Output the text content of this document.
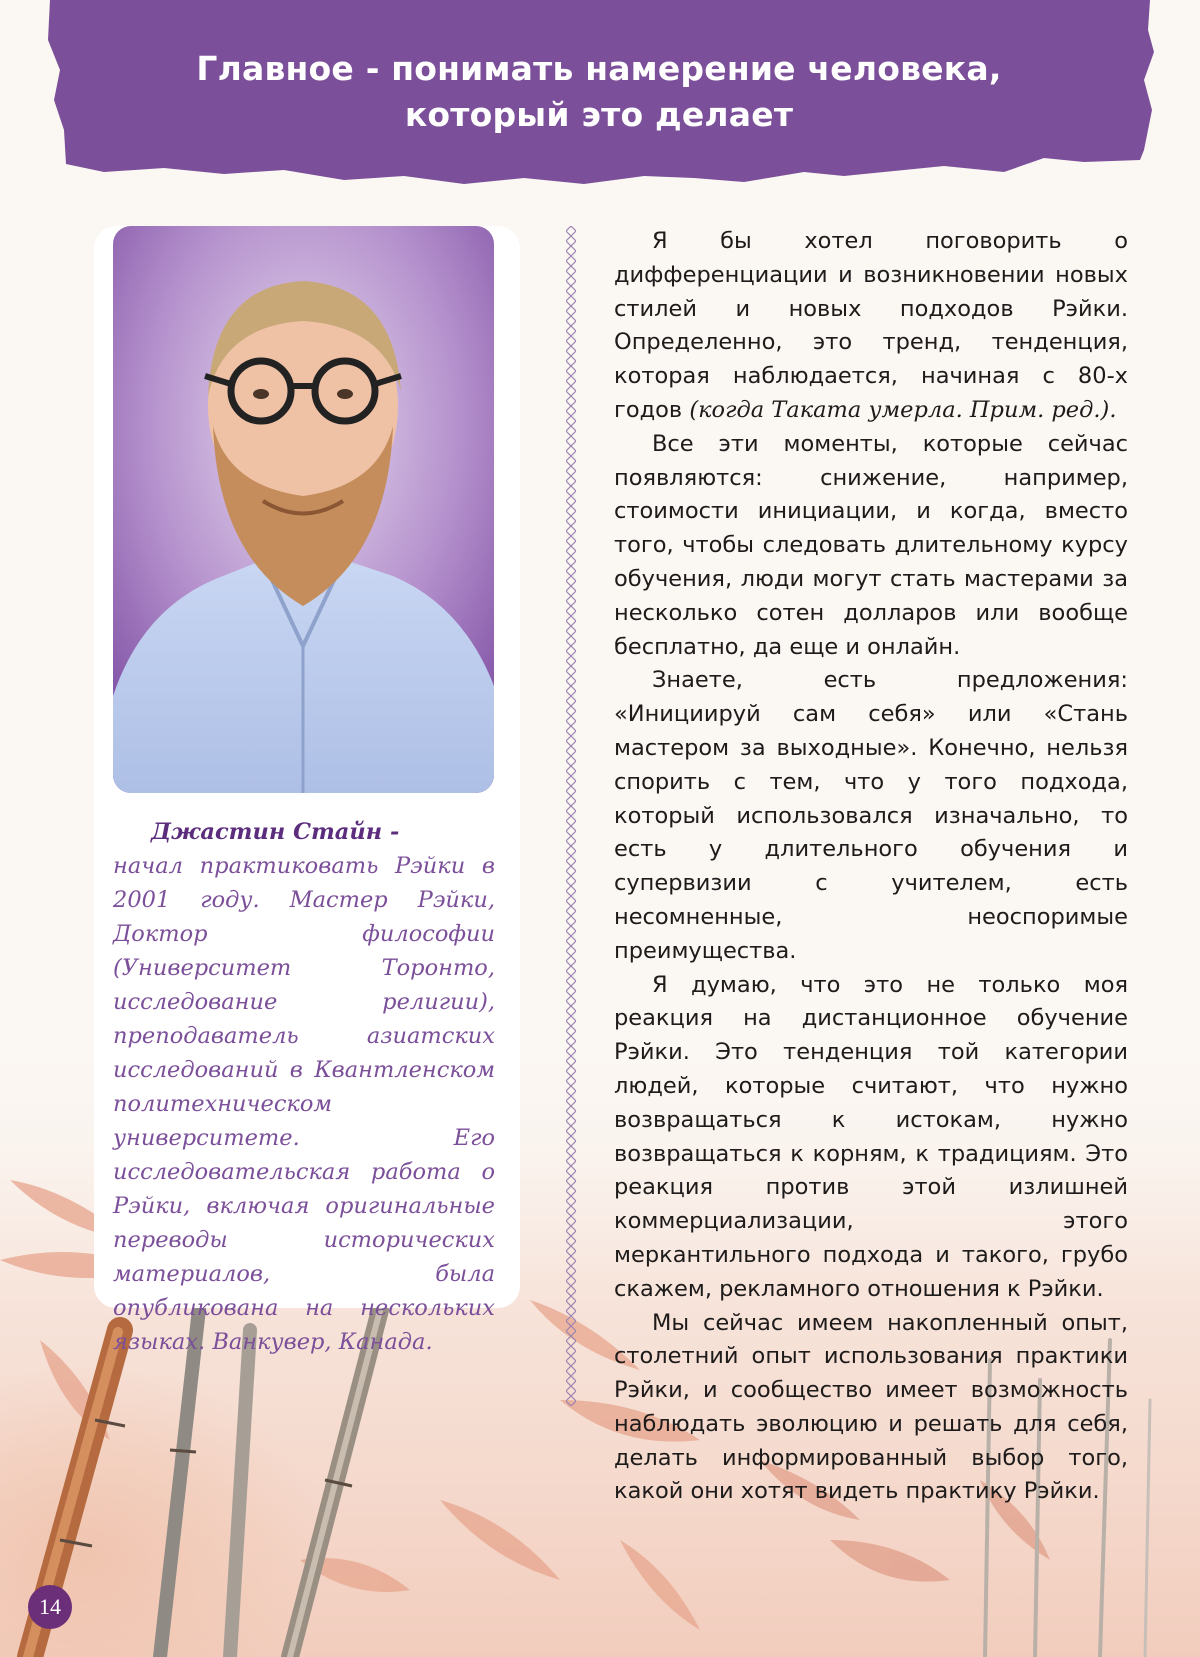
Главное - понимать намерение человека,
который это делает

Джастин Стайн -
начал практиковать Рэйки в 2001 году. Мастер Рэйки, Доктор философии (Университет Торонто, исследование религии), преподаватель азиатских исследований в Квантленском политехническом университете. Его исследовательская работа о Рэйки, включая оригинальные переводы исторических материалов, была опубликована на нескольких языках. Ванкувер, Канада.

Я бы хотел поговорить о дифференциации и возникновении новых стилей и новых подходов Рэйки. Определенно, это тренд, тенденция, которая наблюдается, начиная с 80-х годов (когда Таката умерла. Прим. ред.).

Все эти моменты, которые сейчас появляются: снижение, например, стоимости инициации, и когда, вместо того, чтобы следовать длительному курсу обучения, люди могут стать мастерами за несколько сотен долларов или вообще бесплатно, да еще и онлайн.

Знаете, есть предложения: «Инициируй сам себя» или «Стань мастером за выходные». Конечно, нельзя спорить с тем, что у того подхода, который использовался изначально, то есть у длительного обучения и супервизии с учителем, есть несомненные, неоспоримые преимущества.

Я думаю, что это не только моя реакция на дистанционное обучение Рэйки. Это тенденция той категории людей, которые считают, что нужно возвращаться к истокам, нужно возвращаться к корням, к традициям. Это реакция против этой излишней коммерциализации, этого меркантильного подхода и такого, грубо скажем, рекламного отношения к Рэйки.

Мы сейчас имеем накопленный опыт, столетний опыт использования практики Рэйки, и сообщество имеет возможность наблюдать эволюцию и решать для себя, делать информированный выбор того, какой они хотят видеть практику Рэйки.

14
